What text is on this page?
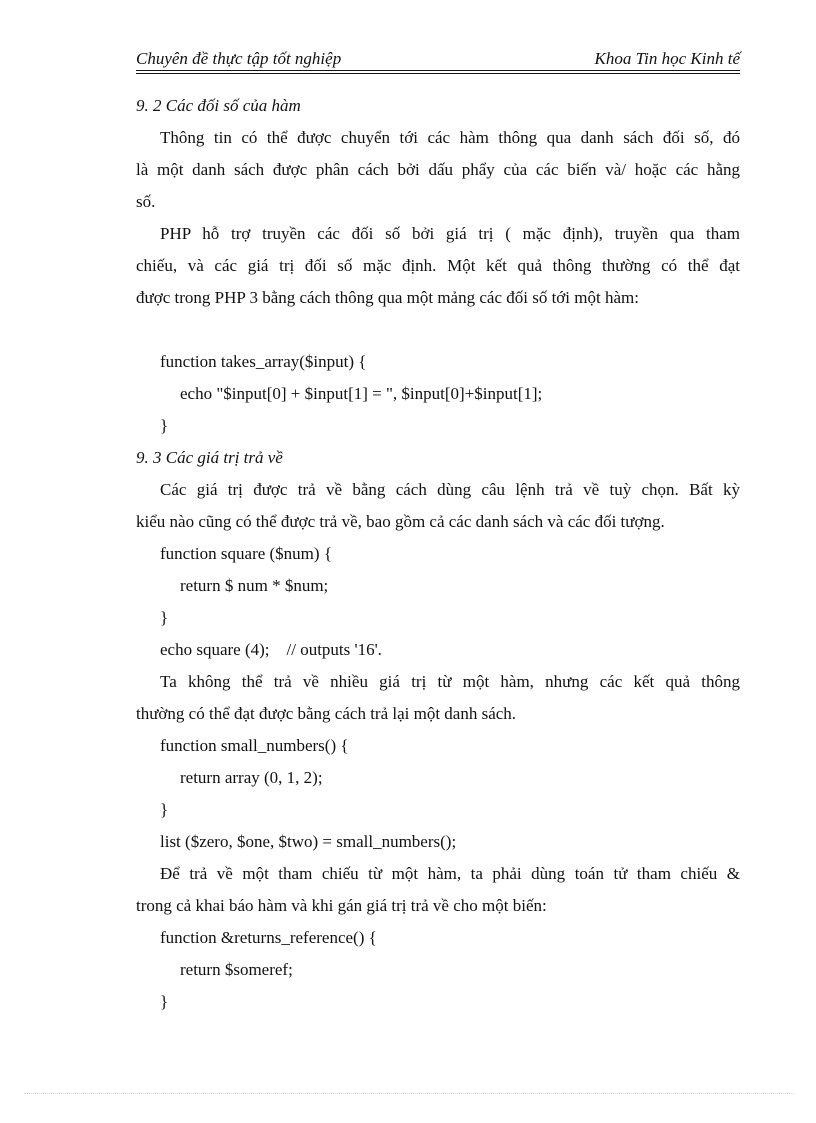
Chuyên đề thực tập tốt nghiệp	Khoa Tin học Kinh tế
9. 2 Các đối số của hàm
Thông tin có thể được chuyển tới các hàm thông qua danh sách đối số, đó
là một danh sách được phân cách bởi dấu phẩy của các biến và/ hoặc các hằng
số.
PHP hỗ trợ truyền các đối số bởi giá trị ( mặc định), truyền qua tham
chiếu, và các giá trị đối số mặc định. Một kết quả thông thường có thể đạt
được trong PHP 3 bằng cách thông qua một mảng các đối số tới một hàm:
function takes_array($input) {
echo "$input[0] + $input[1] = ", $input[0]+$input[1];
}
9. 3 Các giá trị trả về
Các giá trị được trả về bằng cách dùng câu lệnh trả về tuỳ chọn. Bất kỳ
kiểu nào cũng có thể được trả về, bao gồm cả các danh sách và các đối tượng.
function square ($num) {
return $ num * $num;
}
echo square (4);    // outputs '16'.
Ta không thể trả về nhiều giá trị từ một hàm, nhưng các kết quả thông
thường có thể đạt được bằng cách trả lại một danh sách.
function small_numbers() {
return array (0, 1, 2);
}
list ($zero, $one, $two) = small_numbers();
Để trả về một tham chiếu từ một hàm, ta phải dùng toán tử tham chiếu &
trong cả khai báo hàm và khi gán giá trị trả về cho một biến:
function &returns_reference() {
return $someref;
}
